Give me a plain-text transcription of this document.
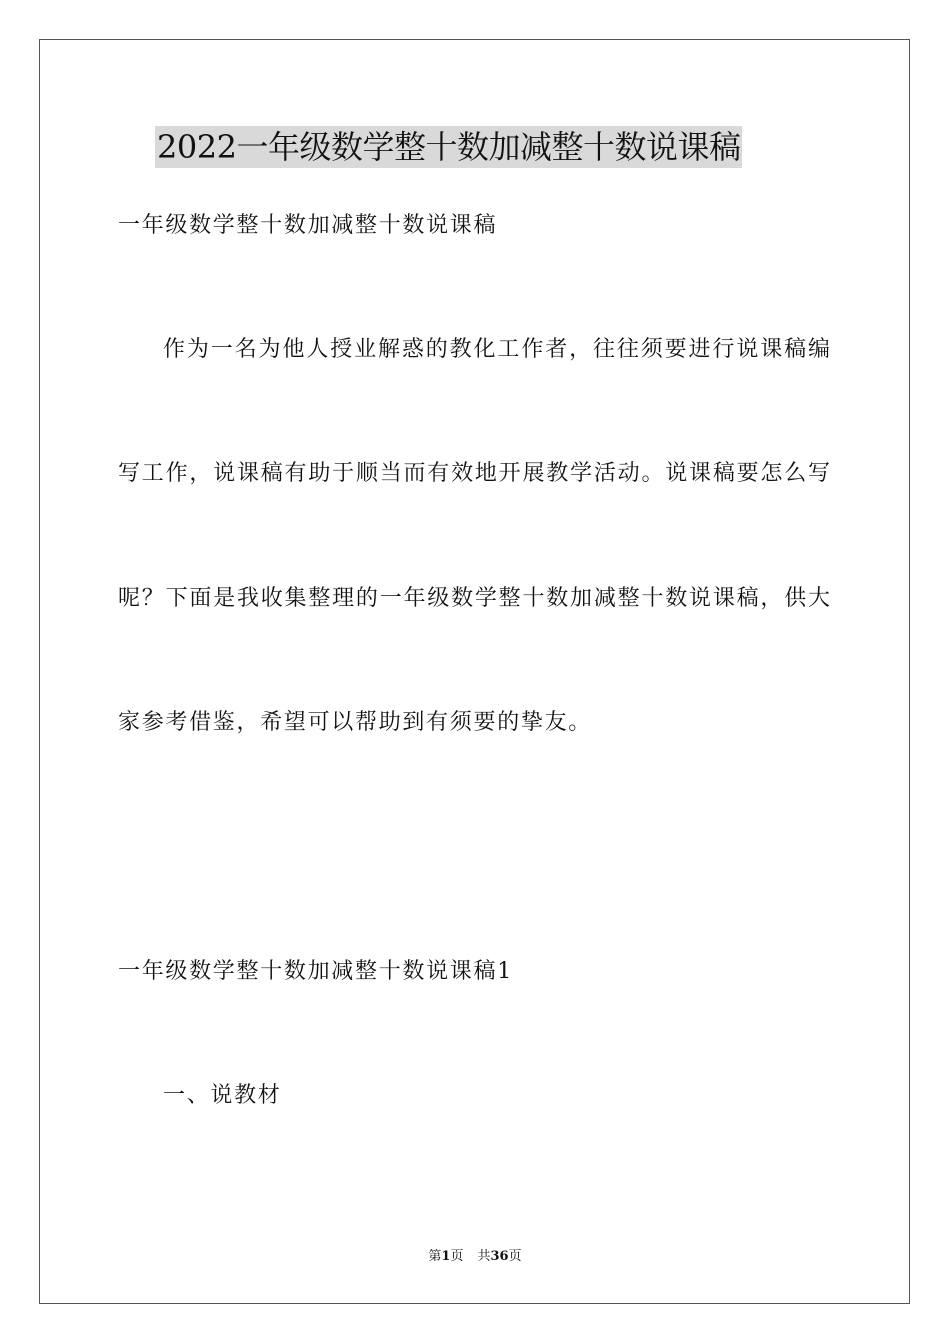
2022一年级数学整十数加减整十数说课稿
一年级数学整十数加减整十数说课稿
作为一名为他人授业解惑的教化工作者，往往须要进行说课稿编
写工作，说课稿有助于顺当而有效地开展教学活动。说课稿要怎么写
呢？下面是我收集整理的一年级数学整十数加减整十数说课稿，供大
家参考借鉴，希望可以帮助到有须要的挚友。
一年级数学整十数加减整十数说课稿1
一、说教材
第1页 共36页
